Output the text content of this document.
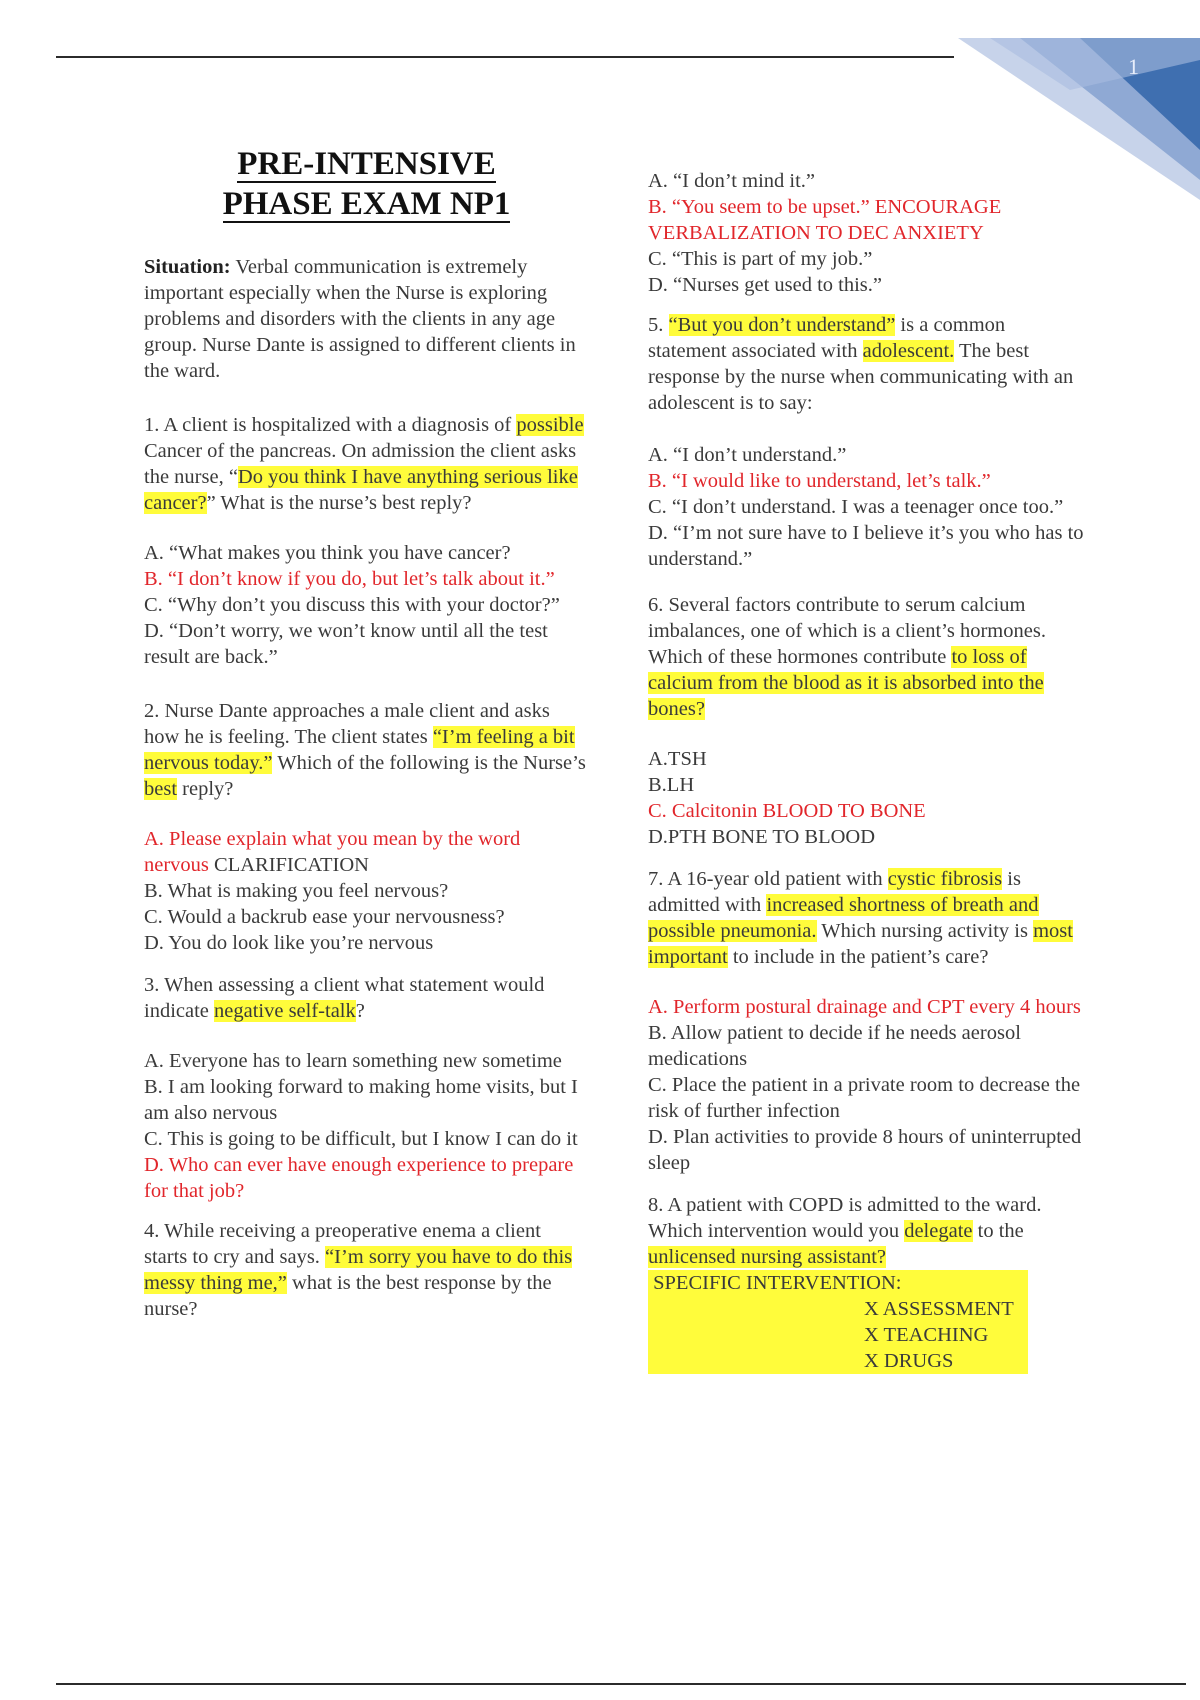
1
PRE-INTENSIVE
PHASE EXAM NP1

Situation: Verbal communication is extremely important especially when the Nurse is exploring problems and disorders with the clients in any age group. Nurse Dante is assigned to different clients in the ward.

1. A client is hospitalized with a diagnosis of possible Cancer of the pancreas. On admission the client asks the nurse, “Do you think I have anything serious like cancer?” What is the nurse’s best reply?

A. “What makes you think you have cancer?

B. “I don’t know if you do, but let’s talk about it.”

C. “Why don’t you discuss this with your doctor?”

D. “Don’t worry, we won’t know until all the test result are back.”

2. Nurse Dante approaches a male client and asks how he is feeling. The client states “I’m feeling a bit nervous today.” Which of the following is the Nurse’s best reply?

A. Please explain what you mean by the word nervous CLARIFICATION

B. What is making you feel nervous?

C. Would a backrub ease your nervousness?

D. You do look like you’re nervous

3. When assessing a client what statement would indicate negative self-talk?

A. Everyone has to learn something new sometime

B. I am looking forward to making home visits, but I am also nervous

C. This is going to be difficult, but I know I can do it

D. Who can ever have enough experience to prepare for that job?

4. While receiving a preoperative enema a client starts to cry and says. “I’m sorry you have to do this messy thing me,” what is the best response by the nurse?

A. “I don’t mind it.”

B. “You seem to be upset.” ENCOURAGE VERBALIZATION TO DEC ANXIETY

C. “This is part of my job.”

D. “Nurses get used to this.”

5. “But you don’t understand” is a common statement associated with adolescent. The best response by the nurse when communicating with an adolescent is to say:

A. “I don’t understand.”

B. “I would like to understand, let’s talk.”

C. “I don’t understand. I was a teenager once too.”

D. “I’m not sure have to I believe it’s you who has to understand.”

6. Several factors contribute to serum calcium imbalances, one of which is a client’s hormones. Which of these hormones contribute to loss of calcium from the blood as it is absorbed into the bones?

A.TSH

B.LH

C. Calcitonin BLOOD TO BONE

D.PTH BONE TO BLOOD

7. A 16-year old patient with cystic fibrosis is admitted with increased shortness of breath and possible pneumonia. Which nursing activity is most important to include in the patient’s care?

A. Perform postural drainage and CPT every 4 hours

B. Allow patient to decide if he needs aerosol medications

C. Place the patient in a private room to decrease the risk of further infection

D. Plan activities to provide 8 hours of uninterrupted sleep

8. A patient with COPD is admitted to the ward. Which intervention would you delegate to the unlicensed nursing assistant?

SPECIFIC INTERVENTION:
X ASSESSMENT
X TEACHING
X DRUGS
